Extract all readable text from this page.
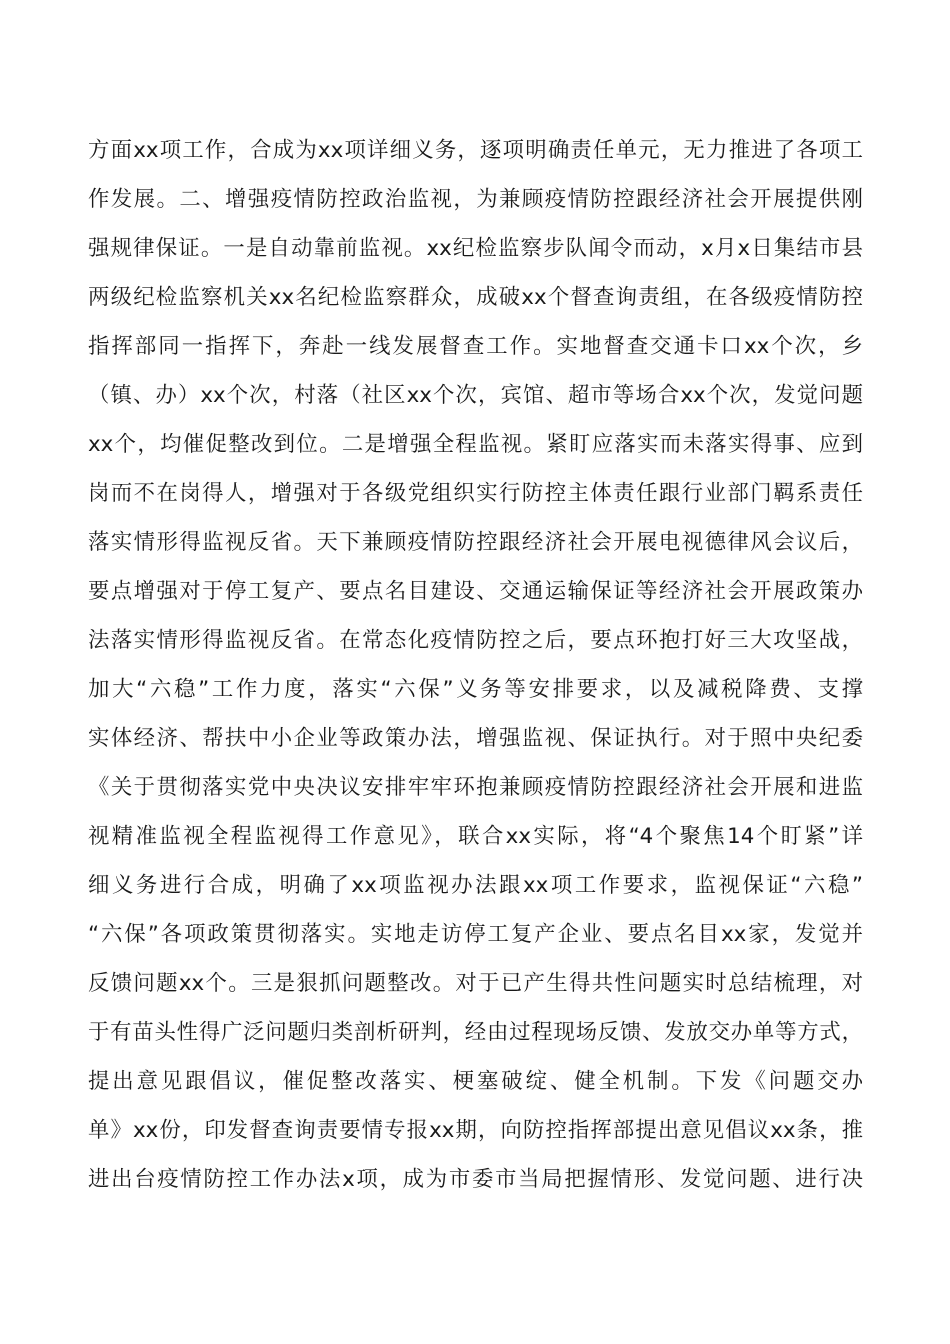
方面xx项工作，合成为xx项详细义务，逐项明确责任单元，无力推进了各项工
作发展。二、增强疫情防控政治监视，为兼顾疫情防控跟经济社会开展提供刚
强规律保证。一是自动靠前监视。xx纪检监察步队闻令而动，x月x日集结市县
两级纪检监察机关xx名纪检监察群众，成破xx个督查询责组，在各级疫情防控
指挥部同一指挥下，奔赴一线发展督查工作。实地督查交通卡口xx个次，乡
（镇、办）xx个次，村落（社区xx个次，宾馆、超市等场合xx个次，发觉问题
xx个，均催促整改到位。二是增强全程监视。紧盯应落实而未落实得事、应到
岗而不在岗得人，增强对于各级党组织实行防控主体责任跟行业部门羁系责任
落实情形得监视反省。天下兼顾疫情防控跟经济社会开展电视德律风会议后，
要点增强对于停工复产、要点名目建设、交通运输保证等经济社会开展政策办
法落实情形得监视反省。在常态化疫情防控之后，要点环抱打好三大攻坚战，
加大“六稳”工作力度，落实“六保”义务等安排要求，以及减税降费、支撑
实体经济、帮扶中小企业等政策办法，增强监视、保证执行。对于照中央纪委
《关于贯彻落实党中央决议安排牢牢环抱兼顾疫情防控跟经济社会开展和进监
视精准监视全程监视得工作意见》，联合xx实际，将“4个聚焦14个盯紧”详
细义务进行合成，明确了xx项监视办法跟xx项工作要求，监视保证“六稳”
“六保”各项政策贯彻落实。实地走访停工复产企业、要点名目xx家，发觉并
反馈问题xx个。三是狠抓问题整改。对于已产生得共性问题实时总结梳理，对
于有苗头性得广泛问题归类剖析研判，经由过程现场反馈、发放交办单等方式，
提出意见跟倡议，催促整改落实、梗塞破绽、健全机制。下发《问题交办
单》xx份，印发督查询责要情专报xx期，向防控指挥部提出意见倡议xx条，推
进出台疫情防控工作办法x项，成为市委市当局把握情形、发觉问题、进行决
